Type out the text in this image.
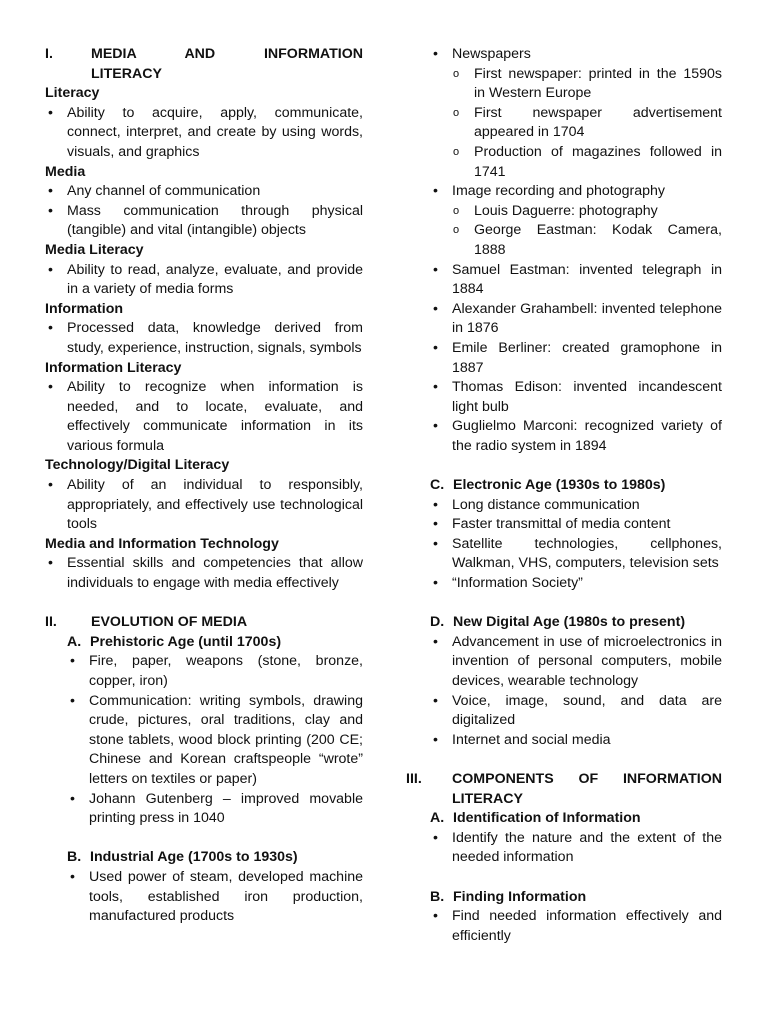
I.	MEDIA AND INFORMATION
LITERACY
Literacy
• Ability to acquire, apply, communicate, connect, interpret, and create by using words, visuals, and graphics
Media
• Any channel of communication
• Mass communication through physical (tangible) and vital (intangible) objects
Media Literacy
• Ability to read, analyze, evaluate, and provide in a variety of media forms
Information
• Processed data, knowledge derived from study, experience, instruction, signals, symbols
Information Literacy
• Ability to recognize when information is needed, and to locate, evaluate, and effectively communicate information in its various formula
Technology/Digital Literacy
• Ability of an individual to responsibly, appropriately, and effectively use technological tools
Media and Information Technology
• Essential skills and competencies that allow individuals to engage with media effectively
II.	EVOLUTION OF MEDIA
A. Prehistoric Age (until 1700s)
• Fire, paper, weapons (stone, bronze, copper, iron)
• Communication: writing symbols, drawing crude, pictures, oral traditions, clay and stone tablets, wood block printing (200 CE; Chinese and Korean craftspeople “wrote” letters on textiles or paper)
• Johann Gutenberg – improved movable printing press in 1040
B. Industrial Age (1700s to 1930s)
• Used power of steam, developed machine tools, established iron production, manufactured products
• Newspapers
o First newspaper: printed in the 1590s in Western Europe
o First newspaper advertisement appeared in 1704
o Production of magazines followed in 1741
• Image recording and photography
o Louis Daguerre: photography
o George Eastman: Kodak Camera, 1888
• Samuel Eastman: invented telegraph in 1884
• Alexander Grahambell: invented telephone in 1876
• Emile Berliner: created gramophone in 1887
• Thomas Edison: invented incandescent light bulb
• Guglielmo Marconi: recognized variety of the radio system in 1894
C. Electronic Age (1930s to 1980s)
• Long distance communication
• Faster transmittal of media content
• Satellite technologies, cellphones, Walkman, VHS, computers, television sets
• “Information Society”
D. New Digital Age (1980s to present)
• Advancement in use of microelectronics in invention of personal computers, mobile devices, wearable technology
• Voice, image, sound, and data are digitalized
• Internet and social media
III.	COMPONENTS OF INFORMATION
LITERACY
A. Identification of Information
• Identify the nature and the extent of the needed information
B. Finding Information
• Find needed information effectively and efficiently
